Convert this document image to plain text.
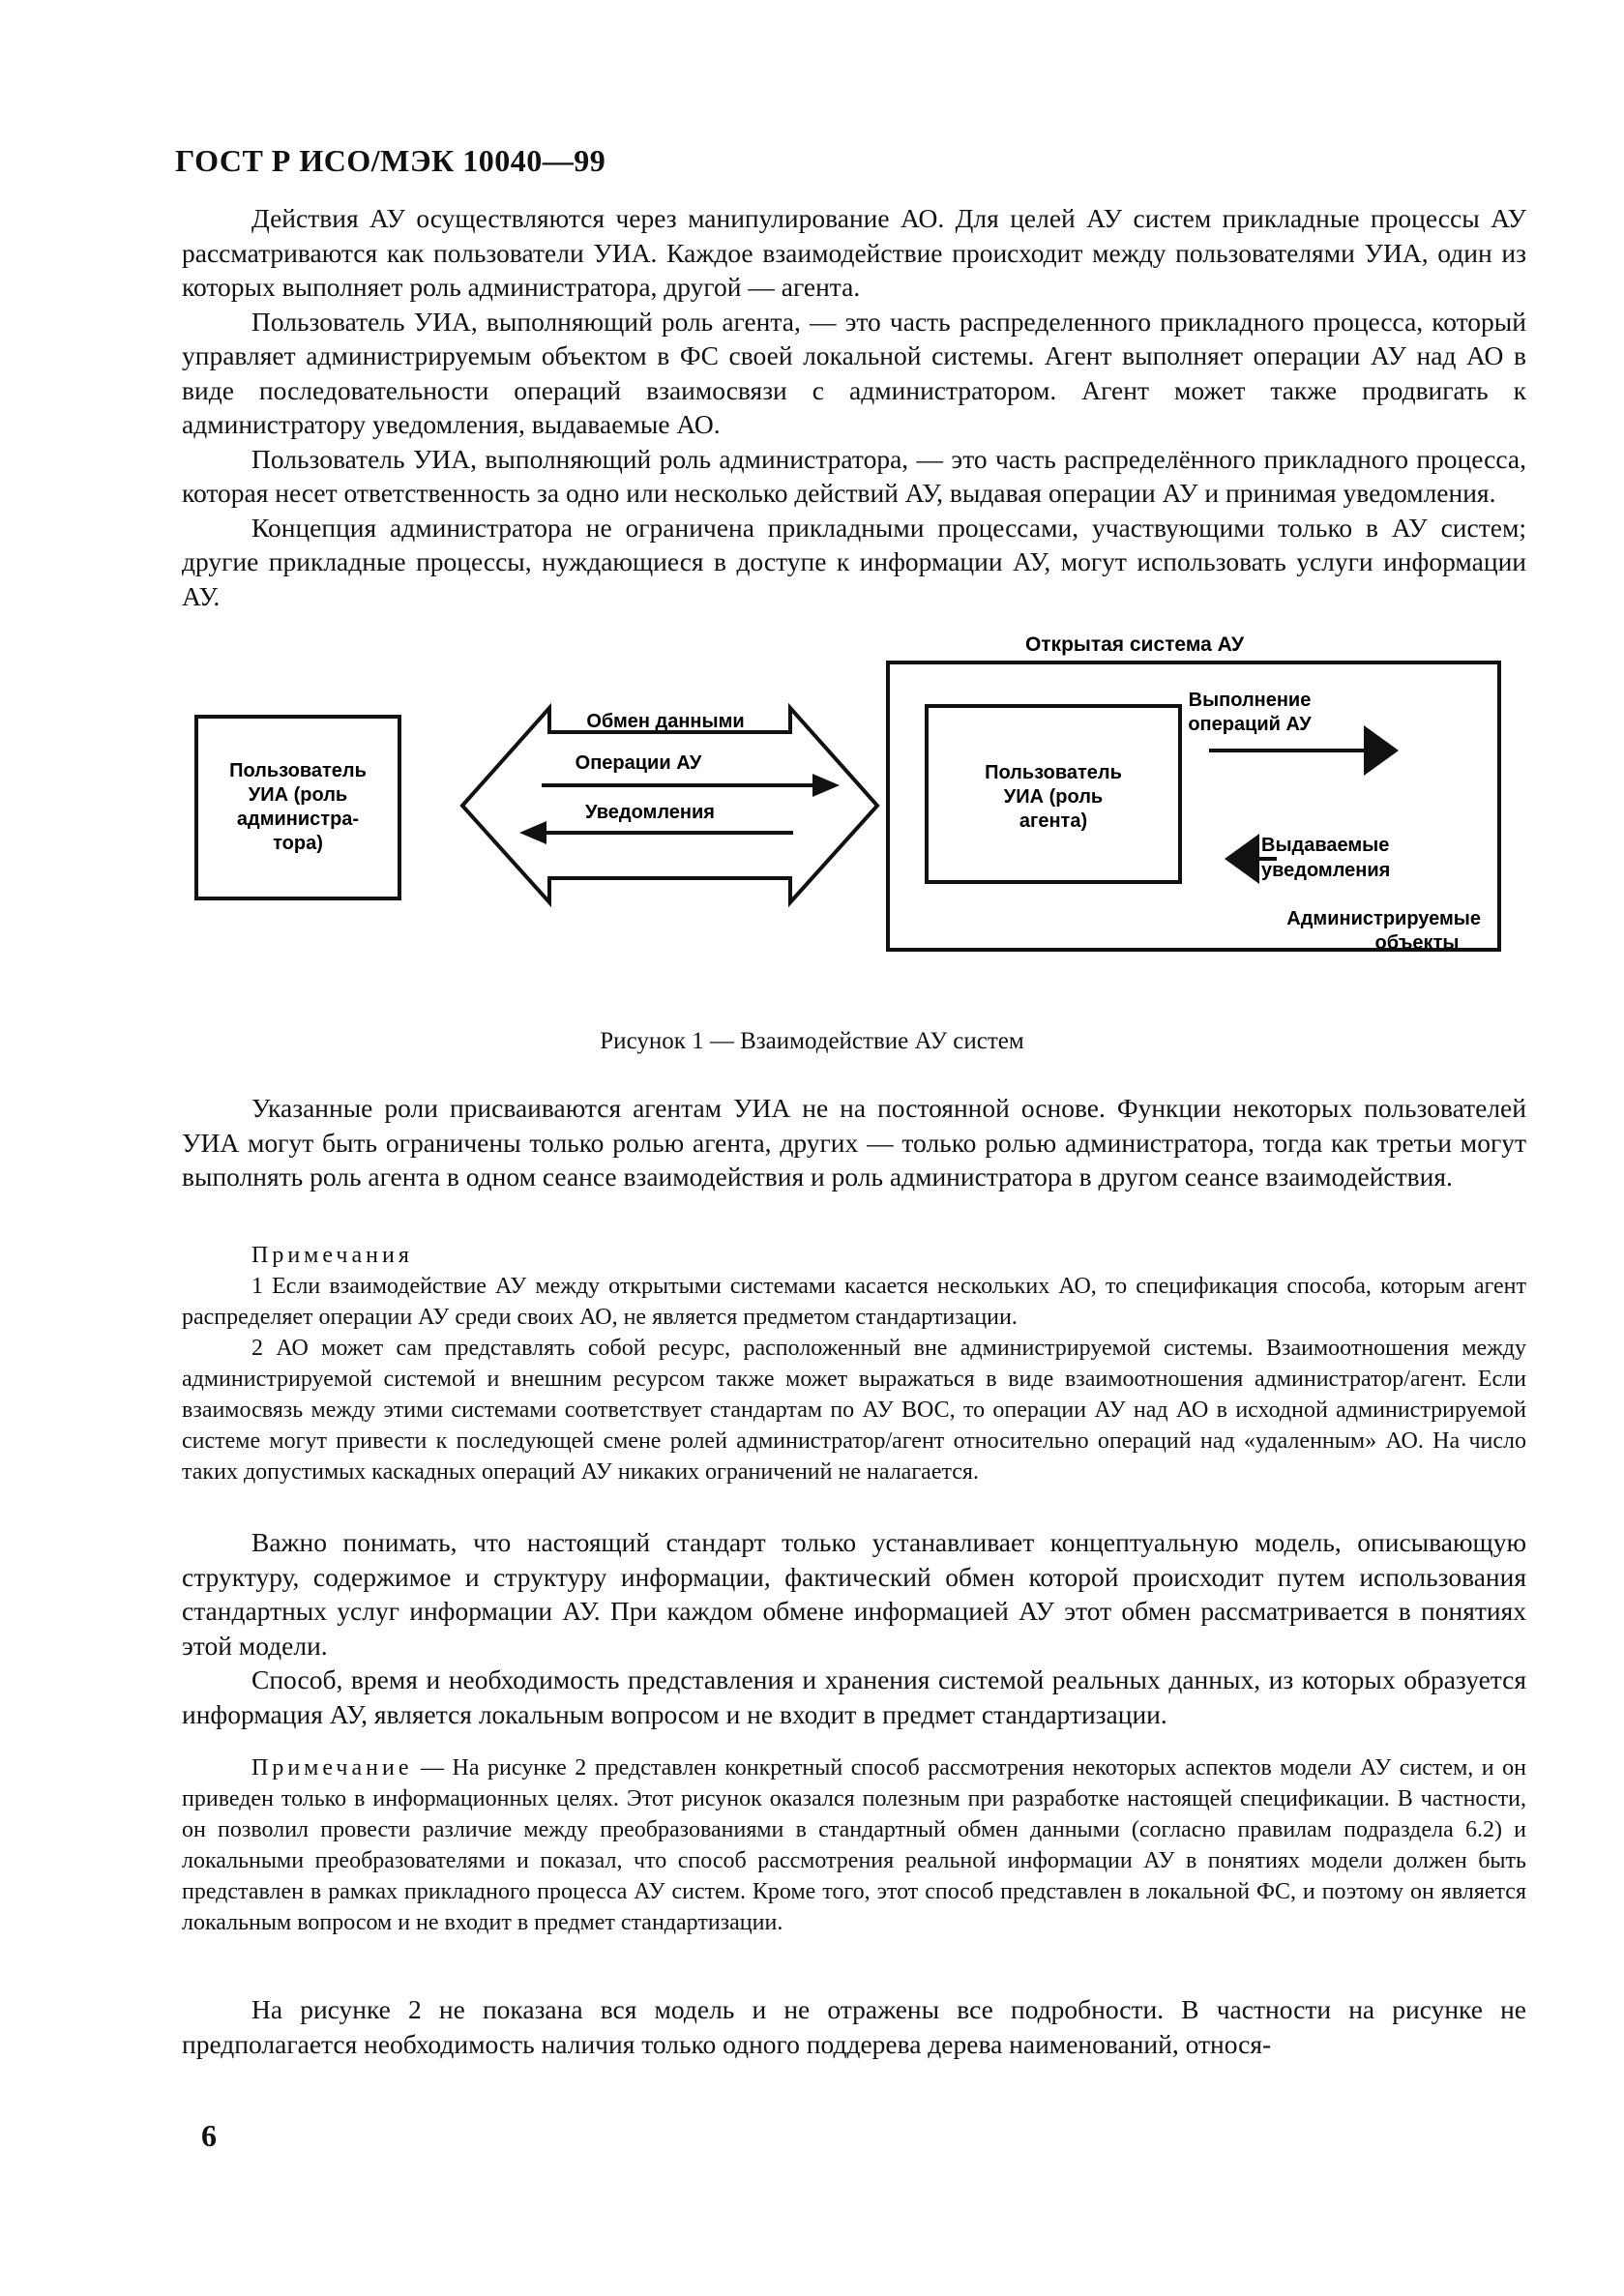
ГОСТ Р ИСО/МЭК 10040—99

Действия АУ осуществляются через манипулирование АО. Для целей АУ систем прикладные процессы АУ рассматриваются как пользователи УИА. Каждое взаимодействие происходит между пользователями УИА, один из которых выполняет роль администратора, другой — агента.

Пользователь УИА, выполняющий роль агента, — это часть распределенного прикладного процесса, который управляет администрируемым объектом в ФС своей локальной системы. Агент выполняет операции АУ над АО в виде последовательности операций взаимосвязи с администратором. Агент может также продвигать к администратору уведомления, выдаваемые АО.

Пользователь УИА, выполняющий роль администратора, — это часть распределённого прикладного процесса, которая несет ответственность за одно или несколько действий АУ, выдавая операции АУ и принимая уведомления.

Концепция администратора не ограничена прикладными процессами, участвующими только в АУ систем; другие прикладные процессы, нуждающиеся в доступе к информации АУ, могут использовать услуги информации АУ.

Открытая система АУ
Пользователь
УИА (роль
администра-
тора)
Пользователь
УИА (роль
агента)
Обмен данными
Операции АУ
Уведомления
Выполнение
операций АУ
Выдаваемые
уведомления
Администрируемые
объекты
Рисунок 1 — Взаимодействие АУ систем

Указанные роли присваиваются агентам УИА не на постоянной основе. Функции некоторых пользователей УИА могут быть ограничены только ролью агента, других — только ролью администратора, тогда как третьи могут выполнять роль агента в одном сеансе взаимодействия и роль администратора в другом сеансе взаимодействия.

Примечания

1 Если взаимодействие АУ между открытыми системами касается нескольких АО, то спецификация способа, которым агент распределяет операции АУ среди своих АО, не является предметом стандартизации.

2 АО может сам представлять собой ресурс, расположенный вне администрируемой системы. Взаимоотношения между администрируемой системой и внешним ресурсом также может выражаться в виде взаимоотношения администратор/агент. Если взаимосвязь между этими системами соответствует стандартам по АУ ВОС, то операции АУ над АО в исходной администрируемой системе могут привести к последующей смене ролей администратор/агент относительно операций над «удаленным» АО. На число таких допустимых каскадных операций АУ никаких ограничений не налагается.

Важно понимать, что настоящий стандарт только устанавливает концептуальную модель, описывающую структуру, содержимое и структуру информации, фактический обмен которой происходит путем использования стандартных услуг информации АУ. При каждом обмене информацией АУ этот обмен рассматривается в понятиях этой модели.

Способ, время и необходимость представления и хранения системой реальных данных, из которых образуется информация АУ, является локальным вопросом и не входит в предмет стандартизации.

Примечание — На рисунке 2 представлен конкретный способ рассмотрения некоторых аспектов модели АУ систем, и он приведен только в информационных целях. Этот рисунок оказался полезным при разработке настоящей спецификации. В частности, он позволил провести различие между преобразованиями в стандартный обмен данными (согласно правилам подраздела 6.2) и локальными преобразователями и показал, что способ рассмотрения реальной информации АУ в понятиях модели должен быть представлен в рамках прикладного процесса АУ систем. Кроме того, этот способ представлен в локальной ФС, и поэтому он является локальным вопросом и не входит в предмет стандартизации.

На рисунке 2 не показана вся модель и не отражены все подробности. В частности на рисунке не предполагается необходимость наличия только одного поддерева дерева наименований, относя-

6
